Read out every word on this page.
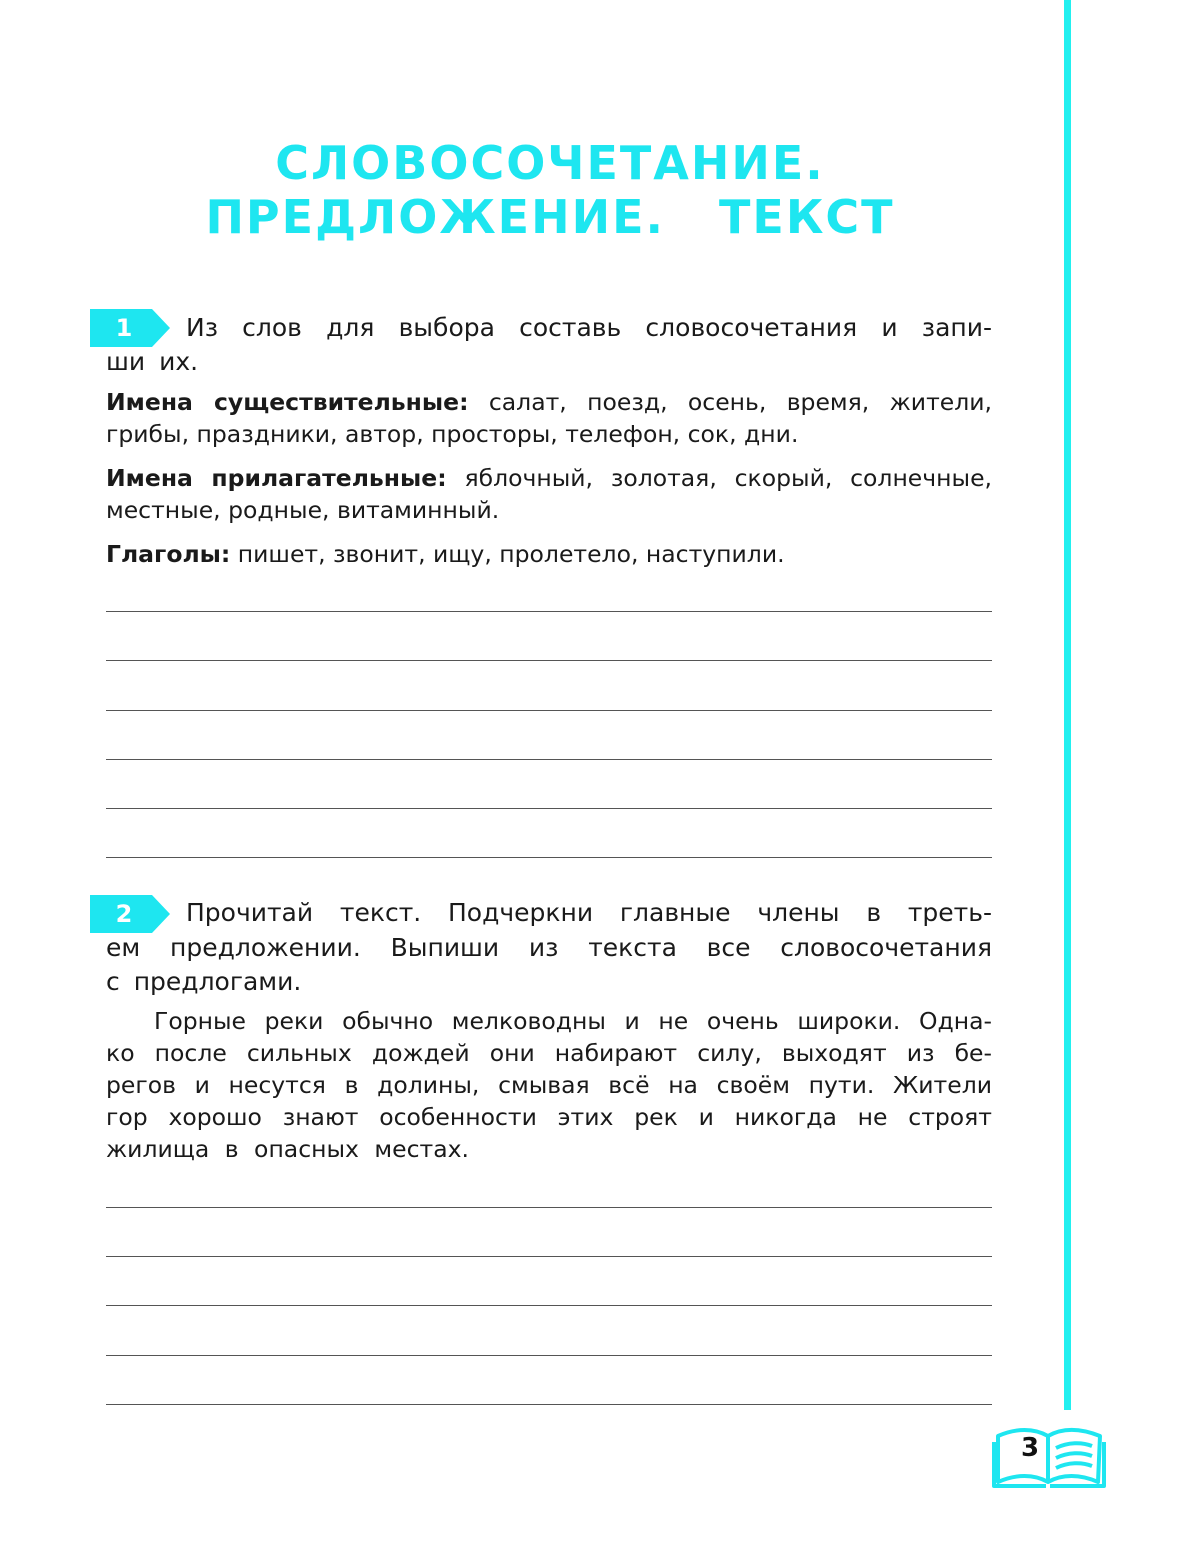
СЛОВОСОЧЕТАНИЕ.
ПРЕДЛОЖЕНИЕ.   ТЕКСТ
1	Из слов для выбора составь словосочетания и запи-
ши их.
Имена существительные: салат, поезд, осень, время, жители,
грибы, праздники, автор, просторы, телефон, сок, дни.
Имена прилагательные: яблочный, золотая, скорый, солнечные,
местные, родные, витаминный.
Глаголы: пишет, звонит, ищу, пролетело, наступили.
2	Прочитай текст. Подчеркни главные члены в треть-
ем предложении. Выпиши из текста все словосочетания
с предлогами.
Горные реки обычно мелководны и не очень широки. Одна-
ко после сильных дождей они набирают силу, выходят из бе-
регов и несутся в долины, смывая всё на своём пути. Жители
гор хорошо знают особенности этих рек и никогда не строят
жилища в опасных местах.
3
